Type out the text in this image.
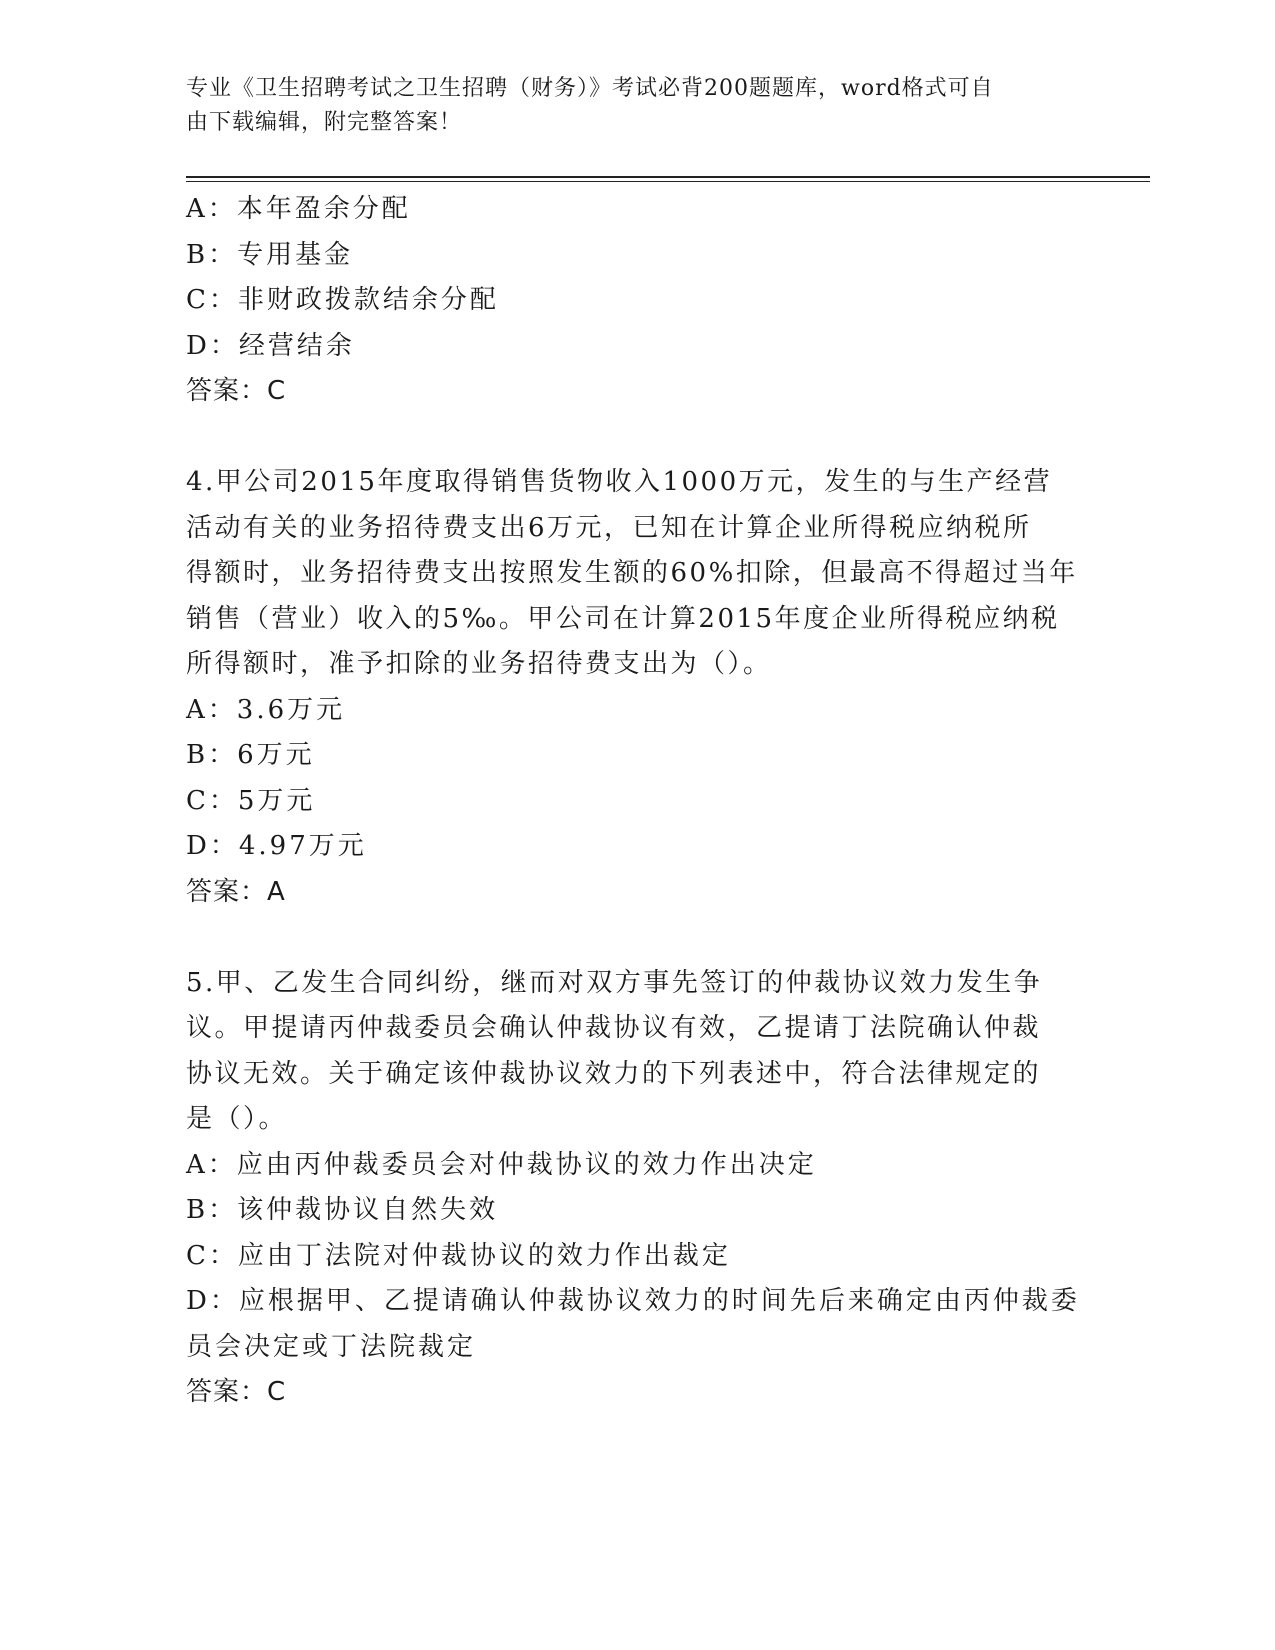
专业《卫生招聘考试之卫生招聘（财务）》考试必背200题题库，word格式可自
由下载编辑，附完整答案！
A：本年盈余分配
B：专用基金
C：非财政拨款结余分配
D：经营结余
答案：C
4.甲公司2015年度取得销售货物收入1000万元，发生的与生产经营
活动有关的业务招待费支出6万元，已知在计算企业所得税应纳税所
得额时，业务招待费支出按照发生额的60%扣除，但最高不得超过当年
销售（营业）收入的5‰。甲公司在计算2015年度企业所得税应纳税
所得额时，准予扣除的业务招待费支出为（）。
A：3.6万元
B：6万元
C：5万元
D：4.97万元
答案：A
5.甲、乙发生合同纠纷，继而对双方事先签订的仲裁协议效力发生争
议。甲提请丙仲裁委员会确认仲裁协议有效，乙提请丁法院确认仲裁
协议无效。关于确定该仲裁协议效力的下列表述中，符合法律规定的
是（）。
A：应由丙仲裁委员会对仲裁协议的效力作出决定
B：该仲裁协议自然失效
C：应由丁法院对仲裁协议的效力作出裁定
D：应根据甲、乙提请确认仲裁协议效力的时间先后来确定由丙仲裁委
员会决定或丁法院裁定
答案：C
